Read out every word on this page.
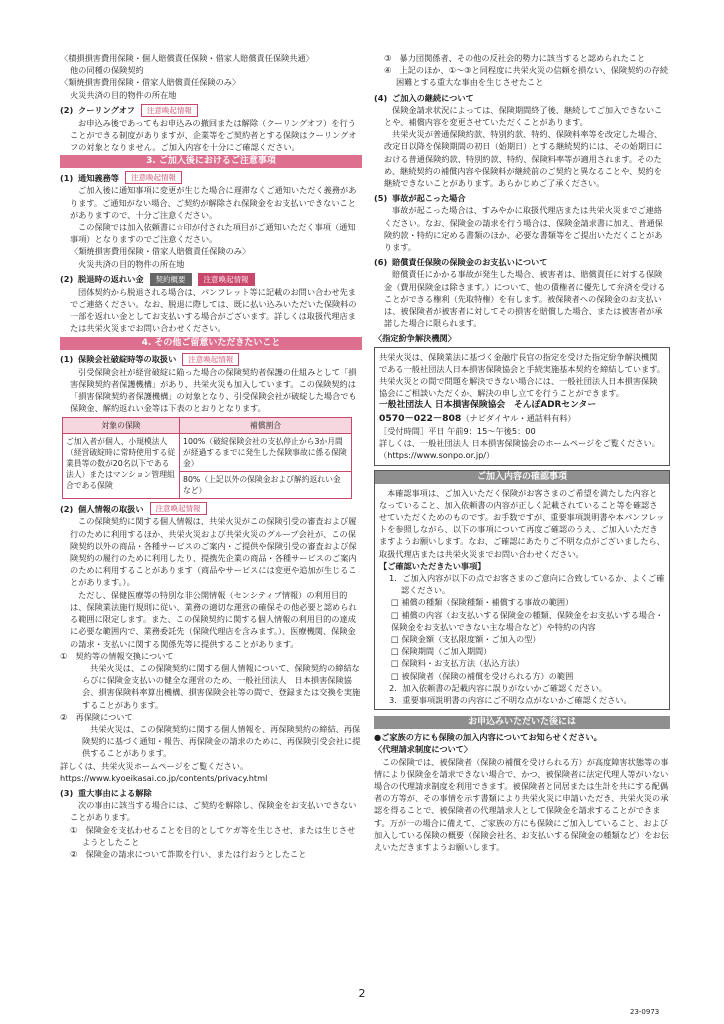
〈積損損害費用保険・個人賠償責任保険・借家人賠償責任保険共通〉

他の同種の保険契約

〈類焼損害費用保険・借家人賠償責任保険のみ〉

火災共済の目的物件の所在地

(2) クーリングオフ	注意喚起情報

お申込み後であってもお申込みの撤回または解除（クーリングオフ）を行うことができる制度がありますが、企業等をご契約者とする保険はクーリングオフの対象となりません。ご加入内容を十分にご確認ください。

3. ご加入後におけるご注意事項
(1) 通知義務等	注意喚起情報

ご加入後に通知事項に変更が生じた場合に遅滞なくご通知いただく義務があります。ご通知がない場合、ご契約が解除され保険金をお支払いできないことがありますので、十分ご注意ください。

この保険では加入依頼書に☆印が付された項目がご通知いただく事項（通知事項）となりますのでご注意ください。

〈類焼損害費用保険・借家人賠償責任保険のみ〉

火災共済の目的物件の所在地

(2) 脱退時の返れい金	契約概要	注意喚起情報

団体契約から脱退される場合は、パンフレット等に記載のお問い合わせ先までご連絡ください。なお、脱退に際しては、既に払い込みいただいた保険料の一部を返れい金としてお支払いする場合がございます。詳しくは取扱代理店または共栄火災までお問い合わせください。

4. その他ご留意いただきたいこと
(1) 保険会社破綻時等の取扱い	注意喚起情報

引受保険会社が経営破綻に陥った場合の保険契約者保護の仕組みとして「損害保険契約者保護機構」があり、共栄火災も加入しています。この保険契約は「損害保険契約者保護機構」の対象となり、引受保険会社が破綻した場合でも保険金、解約返れい金等は下表のとおりとなります。

対象の保険	補償割合
ご加入者が個人、小規模法人（経営破綻時に常時使用する従業員等の数が20名以下である法人）またはマンション管理組合である保険	100%（破綻保険会社の支払停止から3か月間が経過するまでに発生した保険事故に係る保険金）
	80%（上記以外の保険金および解約返れい金など）
(2) 個人情報の取扱い	注意喚起情報

この保険契約に関する個人情報は、共栄火災がこの保険引受の審査および履行のために利用するほか、共栄火災および共栄火災のグループ会社が、この保険契約以外の商品・各種サービスのご案内・ご提供や保険引受の審査および保険契約の履行のために利用したり、提携先企業の商品・各種サービスのご案内のために利用することがあります（商品やサービスには変更や追加が生じることがあります。）。

ただし、保健医療等の特別な非公開情報（センシティブ情報）の利用目的は、保険業法施行規則に従い、業務の適切な運営の確保その他必要と認められる範囲に限定します。また、この保険契約に関する個人情報の利用目的の達成に必要な範囲内で、業務委託先（保険代理店を含みます。）、医療機関、保険金の請求・支払いに関する関係先等に提供することがあります。

①　契約等の情報交換について

共栄火災は、この保険契約に関する個人情報について、保険契約の締結ならびに保険金支払いの健全な運営のため、一般社団法人　日本損害保険協会、損害保険料率算出機構、損害保険会社等の間で、登録または交換を実施することがあります。

②　再保険について

共栄火災は、この保険契約に関する個人情報を、再保険契約の締結、再保険契約に基づく通知・報告、再保険金の請求のために、再保険引受会社に提供することがあります。

詳しくは、共栄火災ホームページをご覧ください。

https://www.kyoeikasai.co.jp/contents/privacy.html

(3) 重大事由による解除

次の事由に該当する場合には、ご契約を解除し、保険金をお支払いできないことがあります。

①　保険金を支払わせることを目的としてケガ等を生じさせ、または生じさせようとしたこと

②　保険金の請求について詐欺を行い、または行おうとしたこと

③　暴力団関係者、その他の反社会的勢力に該当すると認められたこと

④　上記のほか、①〜③と同程度に共栄火災の信頼を損ない、保険契約の存続困難とする重大な事由を生じさせたこと

(4) ご加入の継続について

保険金請求状況によっては、保険期間終了後、継続してご加入できないことや、補償内容を変更させていただくことがあります。

共栄火災が普通保険約款、特別約款、特約、保険料率等を改定した場合、改定日以降を保険期間の初日（始期日）とする継続契約には、その始期日における普通保険約款、特別約款、特約、保険料率等が適用されます。そのため、継続契約の補償内容や保険料が継続前のご契約と異なることや、契約を継続できないことがあります。あらかじめご了承ください。

(5) 事故が起こった場合

事故が起こった場合は、すみやかに取扱代理店または共栄火災までご連絡ください。なお、保険金の請求を行う場合は、保険金請求書に加え、普通保険約款・特約に定める書類のほか、必要な書類等をご提出いただくことがあります。

(6) 賠償責任保険の保険金のお支払いについて

賠償責任にかかる事故が発生した場合、被害者は、賠償責任に対する保険金（費用保険金は除きます。）について、他の債権者に優先して弁済を受けることができる権利（先取特権）を有します。被保険者への保険金のお支払いは、被保険者が被害者に対してその損害を賠償した場合、または被害者が承諾した場合に限られます。

〈指定紛争解決機関〉

共栄火災は、保険業法に基づく金融庁長官の指定を受けた指定紛争解決機関である一般社団法人日本損害保険協会と手続実施基本契約を締結しています。共栄火災との間で問題を解決できない場合には、一般社団法人日本損害保険協会にご相談いただくか、解決の申し立てを行うことができます。

一般社団法人 日本損害保険協会　そんぽADRセンター

0570－022－808（ナビダイヤル・通話料有料）

［受付時間］平日 午前9：15〜午後5：00

詳しくは、一般社団法人 日本損害保険協会のホームページをご覧ください。（https://www.sonpo.or.jp/）

ご加入内容の確認事項

本確認事項は、ご加入いただく保険がお客さまのご希望を満たした内容となっていること、加入依頼書の内容が正しく記載されていること等を確認させていただくためのものです。お手数ですが、重要事項説明書や本パンフレットを参照しながら、以下の事項について再度ご確認のうえ、ご加入いただきますようお願いします。なお、ご確認にあたりご不明な点がございましたら、取扱代理店または共栄火災までお問い合わせください。

【ご確認いただきたい事項】

1．ご加入内容が以下の点でお客さまのご意向に合致しているか、よくご確認ください。

□ 補償の種類（保険種類・補償する事故の範囲）

□ 補償の内容（お支払いする保険金の種類、保険金をお支払いする場合・保険金をお支払いできない主な場合など）や特約の内容

□ 保険金額（支払限度額・ご加入の型）

□ 保険期間（ご加入期間）

□ 保険料・お支払方法（払込方法）

□ 被保険者（保険の補償を受けられる方）の範囲

2．加入依頼書の記載内容に誤りがないかご確認ください。

3．重要事項説明書の内容にご不明な点がないかご確認ください。

お申込みいただいた後には

●ご家族の方にも保険の加入内容についてお知らせください。

〈代理請求制度について〉

この保険では、被保険者（保険の補償を受けられる方）が高度障害状態等の事情により保険金を請求できない場合で、かつ、被保険者に法定代理人等がいない場合の代理請求制度を利用できます。被保険者と同居または生計を共にする配偶者の方等が、その事情を示す書類により共栄火災に申請いただき、共栄火災の承認を得ることで、被保険者の代理請求人として保険金を請求することができます。万が一の場合に備えて、ご家族の方にも保険にご加入していること、および加入している保険の概要（保険会社名、お支払いする保険金の種類など）をお伝えいただきますようお願いします。

2
23-0973
